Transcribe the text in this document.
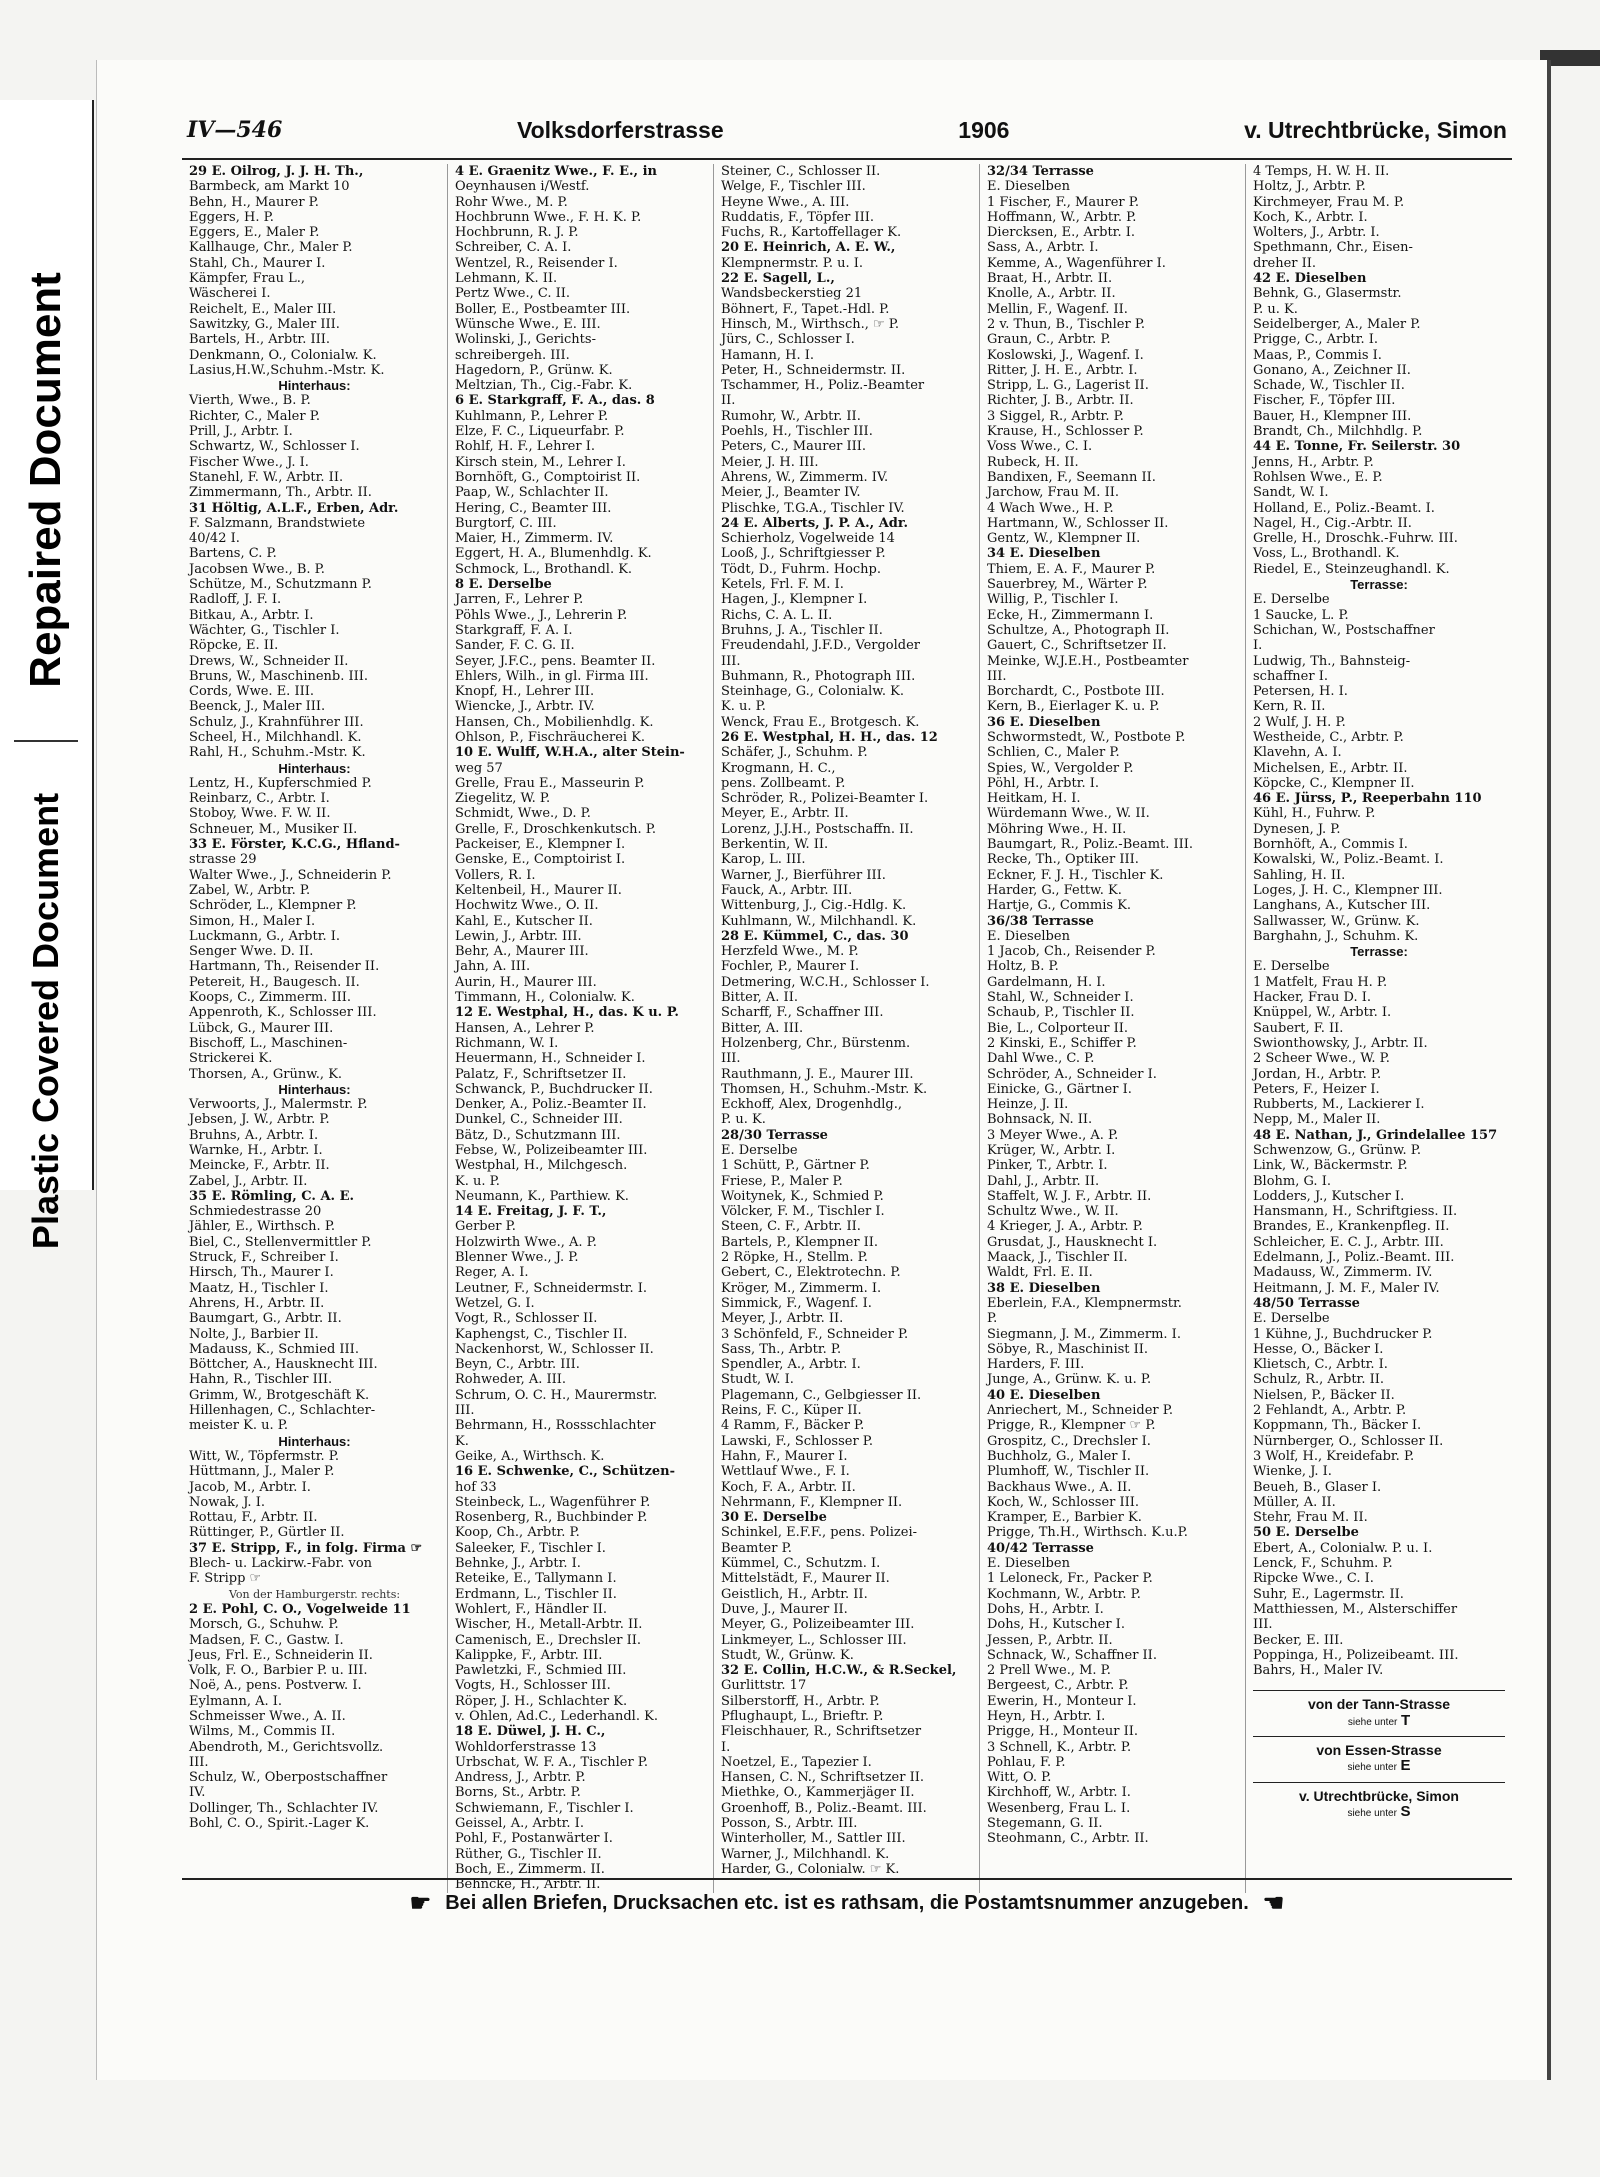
Repaired Document
Plastic Covered Document
IV—546	Volksdorferstrasse	1906	v. Utrechtbrücke, Simon
29 E. Oilrog, J. J. H. Th.,
Barmbeck, am Markt 10
Behn, H., Maurer P.
Eggers, H. P.
Eggers, E., Maler P.
Kallhauge, Chr., Maler P.
Stahl, Ch., Maurer I.
Kämpfer, Frau L.,
Wäscherei I.
Reichelt, E., Maler III.
Sawitzky, G., Maler III.
Bartels, H., Arbtr. III.
Denkmann, O., Colonialw. K.
Lasius,H.W.,Schuhm.-Mstr. K.
Hinterhaus:
Vierth, Wwe., B. P.
Richter, C., Maler P.
Prill, J., Arbtr. I.
Schwartz, W., Schlosser I.
Fischer Wwe., J. I.
Stanehl, F. W., Arbtr. II.
Zimmermann, Th., Arbtr. II.
31 Höltig, A.L.F., Erben, Adr.
F. Salzmann, Brandstwiete
40/42 I.
Bartens, C. P.
Jacobsen Wwe., B. P.
Schütze, M., Schutzmann P.
Radloff, J. F. I.
Bitkau, A., Arbtr. I.
Wächter, G., Tischler I.
Röpcke, E. II.
Drews, W., Schneider II.
Bruns, W., Maschinenb. III.
Cords, Wwe. E. III.
Beenck, J., Maler III.
Schulz, J., Krahnführer III.
Scheel, H., Milchhandl. K.
Rahl, H., Schuhm.-Mstr. K.
Hinterhaus:
Lentz, H., Kupferschmied P.
Reinbarz, C., Arbtr. I.
Stoboy, Wwe. F. W. II.
Schneuer, M., Musiker II.
33 E. Förster, K.C.G., Hfland-
strasse 29
Walter Wwe., J., Schneiderin P.
Zabel, W., Arbtr. P.
Schröder, L., Klempner P.
Simon, H., Maler I.
Luckmann, G., Arbtr. I.
Senger Wwe. D. II.
Hartmann, Th., Reisender II.
Petereit, H., Baugesch. II.
Koops, C., Zimmerm. III.
Appenroth, K., Schlosser III.
Lübck, G., Maurer III.
Bischoff, L., Maschinen-
Strickerei K.
Thorsen, A., Grünw., K.
Hinterhaus:
Verwoorts, J., Malermstr. P.
Jebsen, J. W., Arbtr. P.
Bruhns, A., Arbtr. I.
Warnke, H., Arbtr. I.
Meincke, F., Arbtr. II.
Zabel, J., Arbtr. II.
35 E. Römling, C. A. E.
Schmiedestrasse 20
Jähler, E., Wirthsch. P.
Biel, C., Stellenvermittler P.
Struck, F., Schreiber I.
Hirsch, Th., Maurer I.
Maatz, H., Tischler I.
Ahrens, H., Arbtr. II.
Baumgart, G., Arbtr. II.
Nolte, J., Barbier II.
Madauss, K., Schmied III.
Böttcher, A., Hausknecht III.
Hahn, R., Tischler III.
Grimm, W., Brotgeschäft K.
Hillenhagen, C., Schlachter-
meister K. u. P.
Hinterhaus:
Witt, W., Töpfermstr. P.
Hüttmann, J., Maler P.
Jacob, M., Arbtr. I.
Nowak, J. I.
Rottau, F., Arbtr. II.
Rüttinger, P., Gürtler II.
37 E. Stripp, F., in folg. Firma ☞
Blech- u. Lackirw.-Fabr. von
F. Stripp ☞
Von der Hamburgerstr. rechts:
2 E. Pohl, C. O., Vogelweide 11
Morsch, G., Schuhw. P.
Madsen, F. C., Gastw. I.
Jeus, Frl. E., Schneiderin II.
Volk, F. O., Barbier P. u. III.
Noë, A., pens. Postverw. I.
Eylmann, A. I.
Schmeisser Wwe., A. II.
Wilms, M., Commis II.
Abendroth, M., Gerichtsvollz.
III.
Schulz, W., Oberpostschaffner
IV.
Dollinger, Th., Schlachter IV.
Bohl, C. O., Spirit.-Lager K.
4 E. Graenitz Wwe., F. E., in
Oeynhausen i/Westf.
Rohr Wwe., M. P.
Hochbrunn Wwe., F. H. K. P.
Hochbrunn, R. J. P.
Schreiber, C. A. I.
Wentzel, R., Reisender I.
Lehmann, K. II.
Pertz Wwe., C. II.
Boller, E., Postbeamter III.
Wünsche Wwe., E. III.
Wolinski, J., Gerichts-
schreibergeh. III.
Hagedorn, P., Grünw. K.
Meltzian, Th., Cig.-Fabr. K.
6 E. Starkgraff, F. A., das. 8
Kuhlmann, P., Lehrer P.
Elze, F. C., Liqueurfabr. P.
Rohlf, H. F., Lehrer I.
Kirsch stein, M., Lehrer I.
Bornhöft, G., Comptoirist II.
Paap, W., Schlachter II.
Hering, C., Beamter III.
Burgtorf, C. III.
Maier, H., Zimmerm. IV.
Eggert, H. A., Blumenhdlg. K.
Schmock, L., Brothandl. K.
8 E. Derselbe
Jarren, F., Lehrer P.
Pöhls Wwe., J., Lehrerin P.
Starkgraff, F. A. I.
Sander, F. C. G. II.
Seyer, J.F.C., pens. Beamter II.
Ehlers, Wilh., in gl. Firma III.
Knopf, H., Lehrer III.
Wiencke, J., Arbtr. IV.
Hansen, Ch., Mobilienhdlg. K.
Ohlson, P., Fischräucherei K.
10 E. Wulff, W.H.A., alter Stein-
weg 57
Grelle, Frau E., Masseurin P.
Ziegelitz, W. P.
Schmidt, Wwe., D. P.
Grelle, F., Droschkenkutsch. P.
Packeiser, E., Klempner I.
Genske, E., Comptoirist I.
Vollers, R. I.
Keltenbeil, H., Maurer II.
Hochwitz Wwe., O. II.
Kahl, E., Kutscher II.
Lewin, J., Arbtr. III.
Behr, A., Maurer III.
Jahn, A. III.
Aurin, H., Maurer III.
Timmann, H., Colonialw. K.
12 E. Westphal, H., das. K u. P.
Hansen, A., Lehrer P.
Richmann, W. I.
Heuermann, H., Schneider I.
Palatz, F., Schriftsetzer II.
Schwanck, P., Buchdrucker II.
Denker, A., Poliz.-Beamter II.
Dunkel, C., Schneider III.
Bätz, D., Schutzmann III.
Febse, W., Polizeibeamter III.
Westphal, H., Milchgesch.
K. u. P.
Neumann, K., Parthiew. K.
14 E. Freitag, J. F. T.,
Gerber P.
Holzwirth Wwe., A. P.
Blenner Wwe., J. P.
Reger, A. I.
Leutner, F., Schneidermstr. I.
Wetzel, G. I.
Vogt, R., Schlosser II.
Kaphengst, C., Tischler II.
Nackenhorst, W., Schlosser II.
Beyn, C., Arbtr. III.
Rohweder, A. III.
Schrum, O. C. H., Maurermstr.
III.
Behrmann, H., Rossschlachter
K.
Geike, A., Wirthsch. K.
16 E. Schwenke, C., Schützen-
hof 33
Steinbeck, L., Wagenführer P.
Rosenberg, R., Buchbinder P.
Koop, Ch., Arbtr. P.
Saleeker, F., Tischler I.
Behnke, J., Arbtr. I.
Reteike, E., Tallymann I.
Erdmann, L., Tischler II.
Wohlert, F., Händler II.
Wischer, H., Metall-Arbtr. II.
Camenisch, E., Drechsler II.
Kalippke, F., Arbtr. III.
Pawletzki, F., Schmied III.
Vogts, H., Schlosser III.
Röper, J. H., Schlachter K.
v. Ohlen, Ad.C., Lederhandl. K.
18 E. Düwel, J. H. C.,
Wohldorferstrasse 13
Urbschat, W. F. A., Tischler P.
Andress, J., Arbtr. P.
Borns, St., Arbtr. P.
Schwiemann, F., Tischler I.
Geissel, A., Arbtr. I.
Pohl, F., Postanwärter I.
Rüther, G., Tischler II.
Boch, E., Zimmerm. II.
Behncke, H., Arbtr. II.
Steiner, C., Schlosser II.
Welge, F., Tischler III.
Heyne Wwe., A. III.
Ruddatis, F., Töpfer III.
Fuchs, R., Kartoffellager K.
20 E. Heinrich, A. E. W.,
Klempnermstr. P. u. I.
22 E. Sagell, L.,
Wandsbeckerstieg 21
Böhnert, F., Tapet.-Hdl. P.
Hinsch, M., Wirthsch., ☞ P.
Jürs, C., Schlosser I.
Hamann, H. I.
Peter, H., Schneidermstr. II.
Tschammer, H., Poliz.-Beamter
II.
Rumohr, W., Arbtr. II.
Poehls, H., Tischler III.
Peters, C., Maurer III.
Meier, J. H. III.
Ahrens, W., Zimmerm. IV.
Meier, J., Beamter IV.
Plischke, T.G.A., Tischler IV.
24 E. Alberts, J. P. A., Adr.
Schierholz, Vogelweide 14
Looß, J., Schriftgiesser P.
Tödt, D., Fuhrm. Hochp.
Ketels, Frl. F. M. I.
Hagen, J., Klempner I.
Richs, C. A. L. II.
Bruhns, J. A., Tischler II.
Freudendahl, J.F.D., Vergolder
III.
Buhmann, R., Photograph III.
Steinhage, G., Colonialw. K.
K. u. P.
Wenck, Frau E., Brotgesch. K.
26 E. Westphal, H. H., das. 12
Schäfer, J., Schuhm. P.
Krogmann, H. C.,
pens. Zollbeamt. P.
Schröder, R., Polizei-Beamter I.
Meyer, E., Arbtr. II.
Lorenz, J.J.H., Postschaffn. II.
Berkentin, W. II.
Karop, L. III.
Warner, J., Bierführer III.
Fauck, A., Arbtr. III.
Wittenburg, J., Cig.-Hdlg. K.
Kuhlmann, W., Milchhandl. K.
28 E. Kümmel, C., das. 30
Herzfeld Wwe., M. P.
Fochler, P., Maurer I.
Detmering, W.C.H., Schlosser I.
Bitter, A. II.
Scharff, F., Schaffner III.
Bitter, A. III.
Holzenberg, Chr., Bürstenm.
III.
Rauthmann, J. E., Maurer III.
Thomsen, H., Schuhm.-Mstr. K.
Eckhoff, Alex, Drogenhdlg.,
P. u. K.
28/30 Terrasse
E. Derselbe
1 Schütt, P., Gärtner P.
Friese, P., Maler P.
Woitynek, K., Schmied P.
Völcker, F. M., Tischler I.
Steen, C. F., Arbtr. II.
Bartels, P., Klempner II.
2 Röpke, H., Stellm. P.
Gebert, C., Elektrotechn. P.
Kröger, M., Zimmerm. I.
Simmick, F., Wagenf. I.
Meyer, J., Arbtr. II.
3 Schönfeld, F., Schneider P.
Sass, Th., Arbtr. P.
Spendler, A., Arbtr. I.
Studt, W. I.
Plagemann, C., Gelbgiesser II.
Reins, F. C., Küper II.
4 Ramm, F., Bäcker P.
Lawski, F., Schlosser P.
Hahn, F., Maurer I.
Wettlauf Wwe., F. I.
Koch, F. A., Arbtr. II.
Nehrmann, F., Klempner II.
30 E. Derselbe
Schinkel, E.F.F., pens. Polizei-
Beamter P.
Kümmel, C., Schutzm. I.
Mittelstädt, F., Maurer II.
Geistlich, H., Arbtr. II.
Duve, J., Maurer II.
Meyer, G., Polizeibeamter III.
Linkmeyer, L., Schlosser III.
Studt, W., Grünw. K.
32 E. Collin, H.C.W., & R.Seckel,
Gurlittstr. 17
Silberstorff, H., Arbtr. P.
Pflughaupt, L., Brieftr. P.
Fleischhauer, R., Schriftsetzer
I.
Noetzel, E., Tapezier I.
Hansen, C. N., Schriftsetzer II.
Miethke, O., Kammerjäger II.
Groenhoff, B., Poliz.-Beamt. III.
Posson, S., Arbtr. III.
Winterholler, M., Sattler III.
Warner, J., Milchhandl. K.
Harder, G., Colonialw. ☞ K.
32/34 Terrasse
E. Dieselben
1 Fischer, F., Maurer P.
Hoffmann, W., Arbtr. P.
Diercksen, E., Arbtr. I.
Sass, A., Arbtr. I.
Kemme, A., Wagenführer I.
Braat, H., Arbtr. II.
Knolle, A., Arbtr. II.
Mellin, F., Wagenf. II.
2 v. Thun, B., Tischler P.
Graun, C., Arbtr. P.
Koslowski, J., Wagenf. I.
Ritter, J. H. E., Arbtr. I.
Stripp, L. G., Lagerist II.
Richter, J. B., Arbtr. II.
3 Siggel, R., Arbtr. P.
Krause, H., Schlosser P.
Voss Wwe., C. I.
Rubeck, H. II.
Bandixen, F., Seemann II.
Jarchow, Frau M. II.
4 Wach Wwe., H. P.
Hartmann, W., Schlosser II.
Gentz, W., Klempner II.
34 E. Dieselben
Thiem, E. A. F., Maurer P.
Sauerbrey, M., Wärter P.
Willig, P., Tischler I.
Ecke, H., Zimmermann I.
Schultze, A., Photograph II.
Gauert, C., Schriftsetzer II.
Meinke, W.J.E.H., Postbeamter
III.
Borchardt, C., Postbote III.
Kern, B., Eierlager K. u. P.
36 E. Dieselben
Schwormstedt, W., Postbote P.
Schlien, C., Maler P.
Spies, W., Vergolder P.
Pöhl, H., Arbtr. I.
Heitkam, H. I.
Würdemann Wwe., W. II.
Möhring Wwe., H. II.
Baumgart, R., Poliz.-Beamt. III.
Recke, Th., Optiker III.
Eckner, F. J. H., Tischler K.
Harder, G., Fettw. K.
Hartje, G., Commis K.
36/38 Terrasse
E. Dieselben
1 Jacob, Ch., Reisender P.
Holtz, B. P.
Gardelmann, H. I.
Stahl, W., Schneider I.
Schaub, P., Tischler II.
Bie, L., Colporteur II.
2 Kinski, E., Schiffer P.
Dahl Wwe., C. P.
Schröder, A., Schneider I.
Einicke, G., Gärtner I.
Heinze, J. II.
Bohnsack, N. II.
3 Meyer Wwe., A. P.
Krüger, W., Arbtr. I.
Pinker, T., Arbtr. I.
Dahl, J., Arbtr. II.
Staffelt, W. J. F., Arbtr. II.
Schultz Wwe., W. II.
4 Krieger, J. A., Arbtr. P.
Grusdat, J., Hausknecht I.
Maack, J., Tischler II.
Waldt, Frl. E. II.
38 E. Dieselben
Eberlein, F.A., Klempnermstr.
P.
Siegmann, J. M., Zimmerm. I.
Söbye, R., Maschinist II.
Harders, F. III.
Junge, A., Grünw. K. u. P.
40 E. Dieselben
Anriechert, M., Schneider P.
Prigge, R., Klempner ☞ P.
Grospitz, C., Drechsler I.
Buchholz, G., Maler I.
Plumhoff, W., Tischler II.
Backhaus Wwe., A. II.
Koch, W., Schlosser III.
Kramper, E., Barbier K.
Prigge, Th.H., Wirthsch. K.u.P.
40/42 Terrasse
E. Dieselben
1 Leloneck, Fr., Packer P.
Kochmann, W., Arbtr. P.
Dohs, H., Arbtr. I.
Dohs, H., Kutscher I.
Jessen, P., Arbtr. II.
Schnack, W., Schaffner II.
2 Prell Wwe., M. P.
Bergeest, C., Arbtr. P.
Ewerin, H., Monteur I.
Heyn, H., Arbtr. I.
Prigge, H., Monteur II.
3 Schnell, K., Arbtr. P.
Pohlau, F. P.
Witt, O. P.
Kirchhoff, W., Arbtr. I.
Wesenberg, Frau L. I.
Stegemann, G. II.
Steohmann, C., Arbtr. II.
4 Temps, H. W. H. II.
Holtz, J., Arbtr. P.
Kirchmeyer, Frau M. P.
Koch, K., Arbtr. I.
Wolters, J., Arbtr. I.
Spethmann, Chr., Eisen-
dreher II.
42 E. Dieselben
Behnk, G., Glasermstr.
P. u. K.
Seidelberger, A., Maler P.
Prigge, C., Arbtr. I.
Maas, P., Commis I.
Gonano, A., Zeichner II.
Schade, W., Tischler II.
Fischer, F., Töpfer III.
Bauer, H., Klempner III.
Brandt, Ch., Milchhdlg. P.
44 E. Tonne, Fr. Seilerstr. 30
Jenns, H., Arbtr. P.
Rohlsen Wwe., E. P.
Sandt, W. I.
Holland, E., Poliz.-Beamt. I.
Nagel, H., Cig.-Arbtr. II.
Grelle, H., Droschk.-Fuhrw. III.
Voss, L., Brothandl. K.
Riedel, E., Steinzeughandl. K.
Terrasse:
E. Derselbe
1 Saucke, L. P.
Schichan, W., Postschaffner
I.
Ludwig, Th., Bahnsteig-
schaffner I.
Petersen, H. I.
Kern, R. II.
2 Wulf, J. H. P.
Westheide, C., Arbtr. P.
Klavehn, A. I.
Michelsen, E., Arbtr. II.
Köpcke, C., Klempner II.
46 E. Jürss, P., Reeperbahn 110
Kühl, H., Fuhrw. P.
Dynesen, J. P.
Bornhöft, A., Commis I.
Kowalski, W., Poliz.-Beamt. I.
Sahling, H. II.
Loges, J. H. C., Klempner III.
Langhans, A., Kutscher III.
Sallwasser, W., Grünw. K.
Barghahn, J., Schuhm. K.
Terrasse:
E. Derselbe
1 Matfelt, Frau H. P.
Hacker, Frau D. I.
Knüppel, W., Arbtr. I.
Saubert, F. II.
Swionthowsky, J., Arbtr. II.
2 Scheer Wwe., W. P.
Jordan, H., Arbtr. P.
Peters, F., Heizer I.
Rubberts, M., Lackierer I.
Nepp, M., Maler II.
48 E. Nathan, J., Grindelallee 157
Schwenzow, G., Grünw. P.
Link, W., Bäckermstr. P.
Blohm, G. I.
Lodders, J., Kutscher I.
Hansmann, H., Schriftgiess. II.
Brandes, E., Krankenpfleg. II.
Schleicher, E. C. J., Arbtr. III.
Edelmann, J., Poliz.-Beamt. III.
Madauss, W., Zimmerm. IV.
Heitmann, J. M. F., Maler IV.
48/50 Terrasse
E. Derselbe
1 Kühne, J., Buchdrucker P.
Hesse, O., Bäcker I.
Klietsch, C., Arbtr. I.
Schulz, R., Arbtr. II.
Nielsen, P., Bäcker II.
2 Fehlandt, A., Arbtr. P.
Koppmann, Th., Bäcker I.
Nürnberger, O., Schlosser II.
3 Wolf, H., Kreidefabr. P.
Wienke, J. I.
Beueh, B., Glaser I.
Müller, A. II.
Stehr, Frau M. II.
50 E. Derselbe
Ebert, A., Colonialw. P. u. I.
Lenck, F., Schuhm. P.
Ripcke Wwe., C. I.
Suhr, E., Lagermstr. II.
Matthiessen, M., Alsterschiffer
III.
Becker, E. III.
Poppinga, H., Polizeibeamt. III.
Bahrs, H., Maler IV.
von der Tann-Strasse
siehe unter T
von Essen-Strasse
siehe unter E
v. Utrechtbrücke, Simon
siehe unter S
☛ Bei allen Briefen, Drucksachen etc. ist es rathsam, die Postamtsnummer anzugeben. ☚
